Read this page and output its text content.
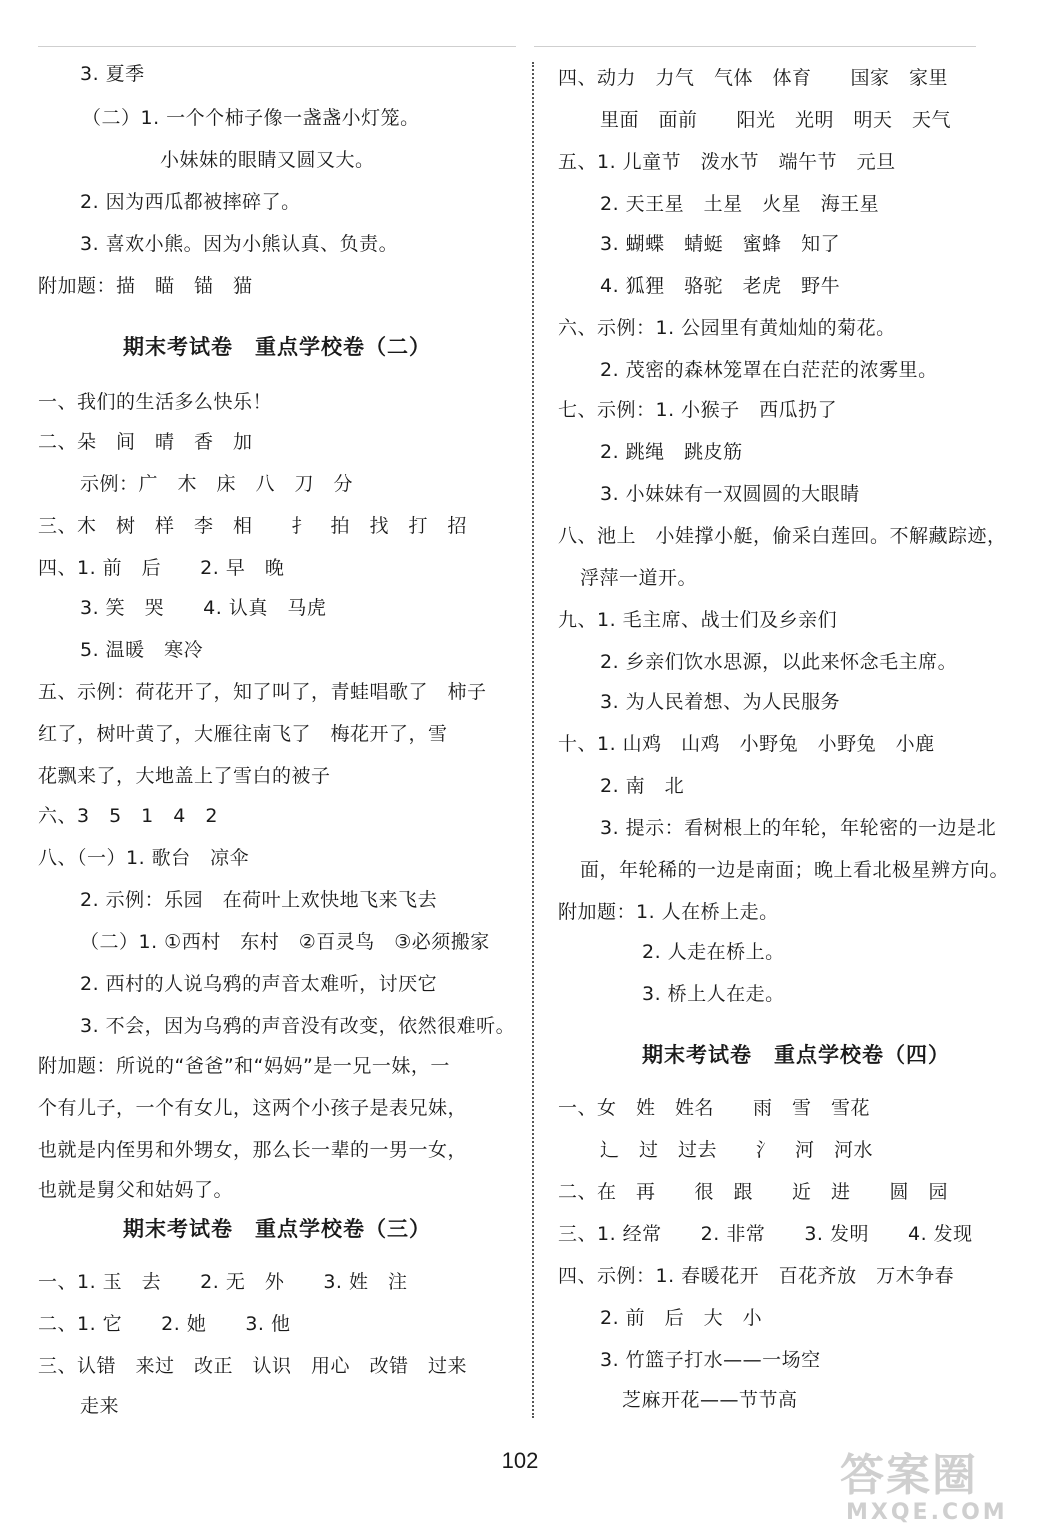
3. 夏季
（二）1. 一个个柿子像一盏盏小灯笼。
小妹妹的眼睛又圆又大。
2. 因为西瓜都被摔碎了。
3. 喜欢小熊。因为小熊认真、负责。
附加题：描　瞄　锚　猫
期末考试卷　重点学校卷（二）
一、我们的生活多么快乐！
二、朵　间　晴　香　加
示例：广　木　床　八　刀　分
三、木　树　样　李　相　　扌　拍　找　打　招
四、1. 前　后　　2. 早　晚
3. 笑　哭　　4. 认真　马虎
5. 温暖　寒冷
五、示例：荷花开了，知了叫了，青蛙唱歌了　柿子
红了，树叶黄了，大雁往南飞了　梅花开了，雪
花飘来了，大地盖上了雪白的被子
六、3　5　1　4　2
八、（一）1. 歌台　凉伞
2. 示例：乐园　在荷叶上欢快地飞来飞去
（二）1. ①西村　东村　②百灵鸟　③必须搬家
2. 西村的人说乌鸦的声音太难听，讨厌它
3. 不会，因为乌鸦的声音没有改变，依然很难听。
附加题：所说的“爸爸”和“妈妈”是一兄一妹，一
个有儿子，一个有女儿，这两个小孩子是表兄妹，
也就是内侄男和外甥女，那么长一辈的一男一女，
也就是舅父和姑妈了。
期末考试卷　重点学校卷（三）
一、1. 玉　去　　2. 无　外　　3. 姓　注
二、1. 它　　2. 她　　3. 他
三、认错　来过　改正　认识　用心　改错　过来
走来
四、动力　力气　气体　体育　　国家　家里
里面　面前　　阳光　光明　明天　天气
五、1. 儿童节　泼水节　端午节　元旦
2. 天王星　土星　火星　海王星
3. 蝴蝶　蜻蜓　蜜蜂　知了
4. 狐狸　骆驼　老虎　野牛
六、示例：1. 公园里有黄灿灿的菊花。
2. 茂密的森林笼罩在白茫茫的浓雾里。
七、示例：1. 小猴子　西瓜扔了
2. 跳绳　跳皮筋
3. 小妹妹有一双圆圆的大眼睛
八、池上　小娃撑小艇，偷采白莲回。不解藏踪迹，
浮萍一道开。
九、1. 毛主席、战士们及乡亲们
2. 乡亲们饮水思源，以此来怀念毛主席。
3. 为人民着想、为人民服务
十、1. 山鸡　山鸡　小野兔　小野兔　小鹿
2. 南　北
3. 提示：看树根上的年轮，年轮密的一边是北
面，年轮稀的一边是南面；晚上看北极星辨方向。
附加题：1. 人在桥上走。
2. 人走在桥上。
3. 桥上人在走。
期末考试卷　重点学校卷（四）
一、女　姓　姓名　　雨　雪　雪花
辶　过　过去　　氵　河　河水
二、在　再　　很　跟　　近　进　　圆　园
三、1. 经常　　2. 非常　　3. 发明　　4. 发现
四、示例：1. 春暖花开　百花齐放　万木争春
2. 前　后　大　小
3. 竹篮子打水——一场空
芝麻开花——节节高
102	答案圈
MXQE.COM
